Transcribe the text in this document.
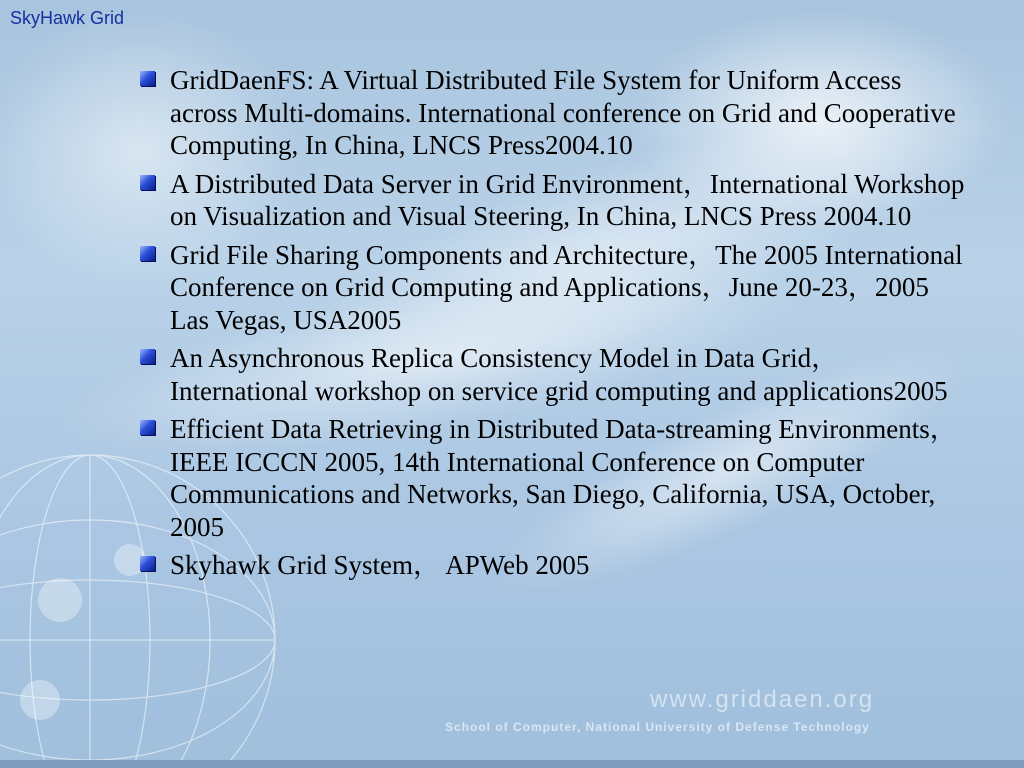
SkyHawk Grid
GridDaenFS: A Virtual Distributed File System for Uniform Access across Multi-domains. International conference on Grid and Cooperative Computing, In China, LNCS Press2004.10
A Distributed Data Server in Grid Environment，International Workshop on Visualization and Visual Steering, In China, LNCS Press 2004.10
Grid File Sharing Components and Architecture，The 2005 International Conference on Grid Computing and Applications，June 20-23，2005 Las Vegas, USA2005
An Asynchronous Replica Consistency Model in Data Grid，International workshop on service grid computing and applications2005
Efficient Data Retrieving in Distributed Data-streaming Environments，IEEE ICCCN 2005, 14th International Conference on Computer Communications and Networks, San Diego, California, USA, October, 2005
Skyhawk Grid System， APWeb 2005
www.griddaen.org
School of Computer, National University of Defense Technology
